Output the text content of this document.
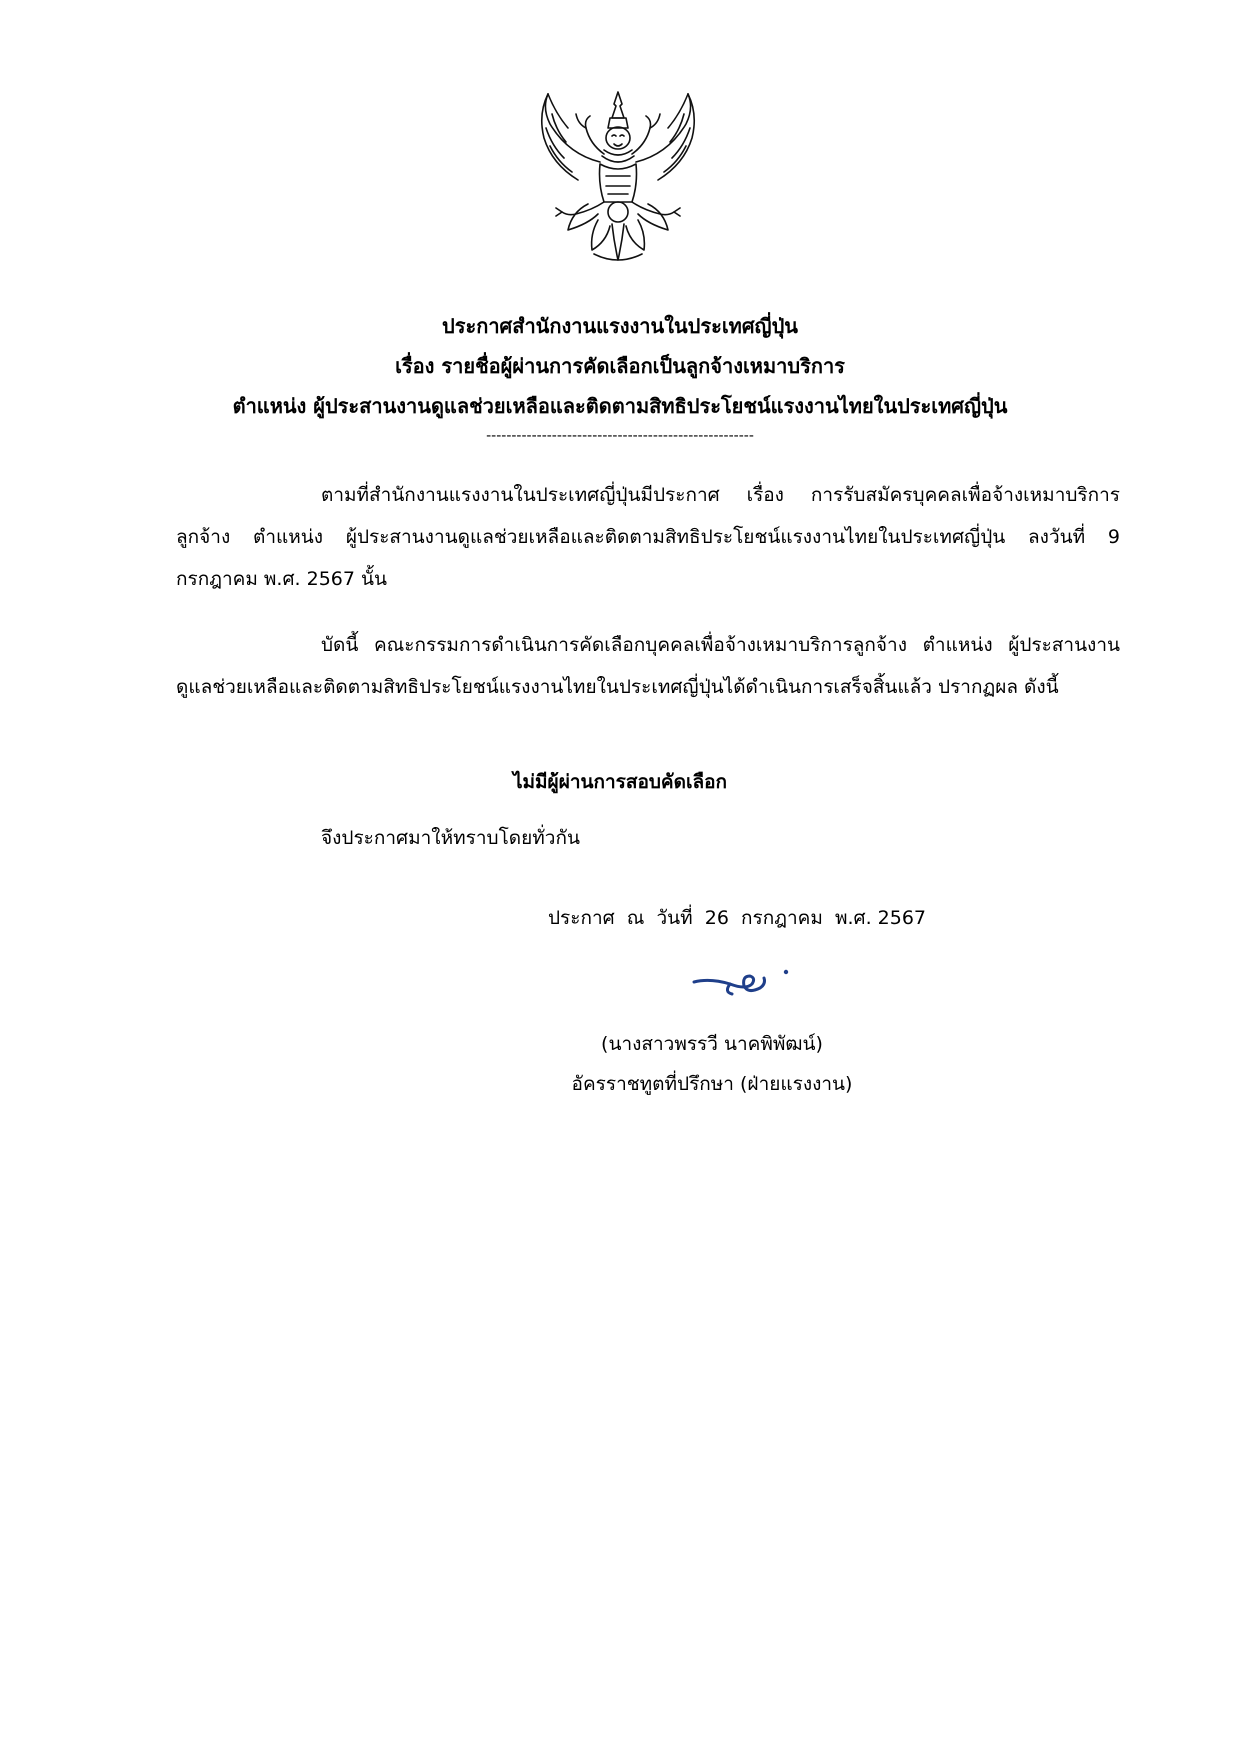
ประกาศสำนักงานแรงงานในประเทศญี่ปุ่น
เรื่อง รายชื่อผู้ผ่านการคัดเลือกเป็นลูกจ้างเหมาบริการ
ตำแหน่ง ผู้ประสานงานดูแลช่วยเหลือและติดตามสิทธิประโยชน์แรงงานไทยในประเทศญี่ปุ่น
-----------------------------------------------------
ตามที่สำนักงานแรงงานในประเทศญี่ปุ่นมีประกาศ เรื่อง การรับสมัครบุคคลเพื่อจ้างเหมาบริการลูกจ้าง ตำแหน่ง ผู้ประสานงานดูแลช่วยเหลือและติดตามสิทธิประโยชน์แรงงานไทยในประเทศญี่ปุ่น ลงวันที่ 9 กรกฎาคม พ.ศ. 2567 นั้น
บัดนี้ คณะกรรมการดำเนินการคัดเลือกบุคคลเพื่อจ้างเหมาบริการลูกจ้าง ตำแหน่ง ผู้ประสานงานดูแลช่วยเหลือและติดตามสิทธิประโยชน์แรงงานไทยในประเทศญี่ปุ่นได้ดำเนินการเสร็จสิ้นแล้ว ปรากฏผล ดังนี้
ไม่มีผู้ผ่านการสอบคัดเลือก
จึงประกาศมาให้ทราบโดยทั่วกัน
ประกาศ  ณ  วันที่  26  กรกฎาคม  พ.ศ. 2567
(นางสาวพรรวี นาคพิพัฒน์)
อัครราชทูตที่ปรึกษา (ฝ่ายแรงงาน)
